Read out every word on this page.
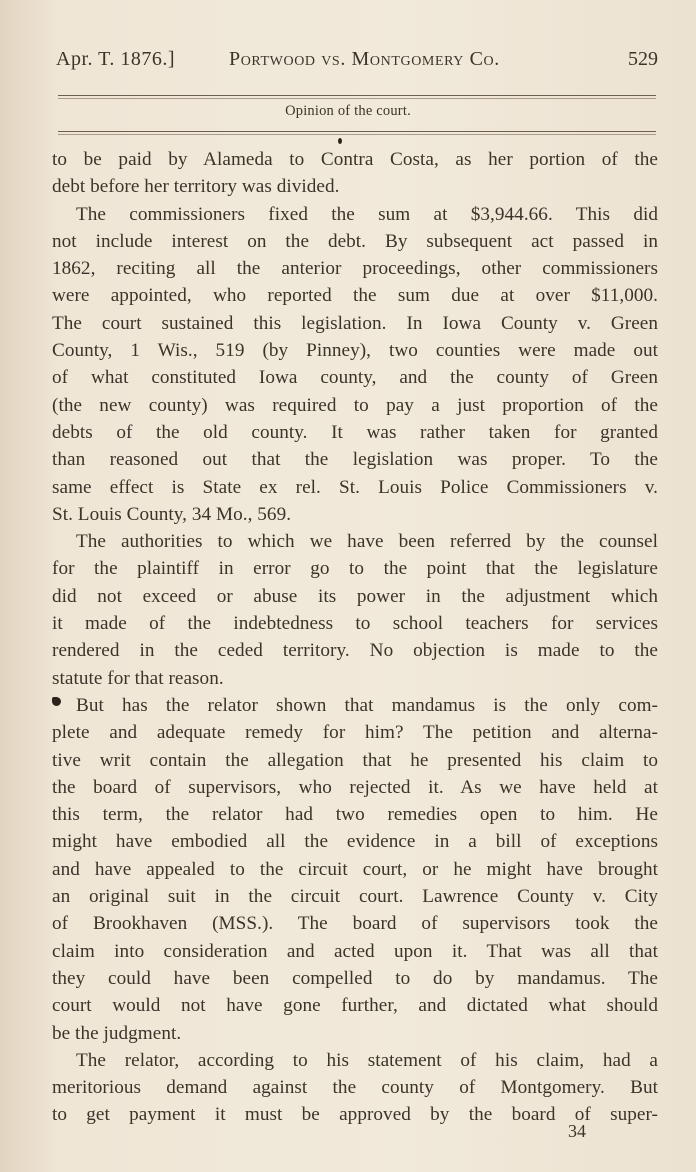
Apr. T. 1876.]	Portwood vs. Montgomery Co.	529
Opinion of the court.
to be paid by Alameda to Contra Costa, as her portion of the
debt before her territory was divided.
The commissioners fixed the sum at $3,944.66. This did
not include interest on the debt. By subsequent act passed in
1862, reciting all the anterior proceedings, other commissioners
were appointed, who reported the sum due at over $11,000.
The court sustained this legislation. In Iowa County v. Green
County, 1 Wis., 519 (by Pinney), two counties were made out
of what constituted Iowa county, and the county of Green
(the new county) was required to pay a just proportion of the
debts of the old county. It was rather taken for granted
than reasoned out that the legislation was proper. To the
same effect is State ex rel. St. Louis Police Commissioners v.
St. Louis County, 34 Mo., 569.
The authorities to which we have been referred by the counsel
for the plaintiff in error go to the point that the legislature
did not exceed or abuse its power in the adjustment which
it made of the indebtedness to school teachers for services
rendered in the ceded territory. No objection is made to the
statute for that reason.
But has the relator shown that mandamus is the only com-
plete and adequate remedy for him? The petition and alterna-
tive writ contain the allegation that he presented his claim to
the board of supervisors, who rejected it. As we have held at
this term, the relator had two remedies open to him. He
might have embodied all the evidence in a bill of exceptions
and have appealed to the circuit court, or he might have brought
an original suit in the circuit court. Lawrence County v. City
of Brookhaven (MSS.). The board of supervisors took the
claim into consideration and acted upon it. That was all that
they could have been compelled to do by mandamus. The
court would not have gone further, and dictated what should
be the judgment.
The relator, according to his statement of his claim, had a
meritorious demand against the county of Montgomery. But
to get payment it must be approved by the board of super-
34
